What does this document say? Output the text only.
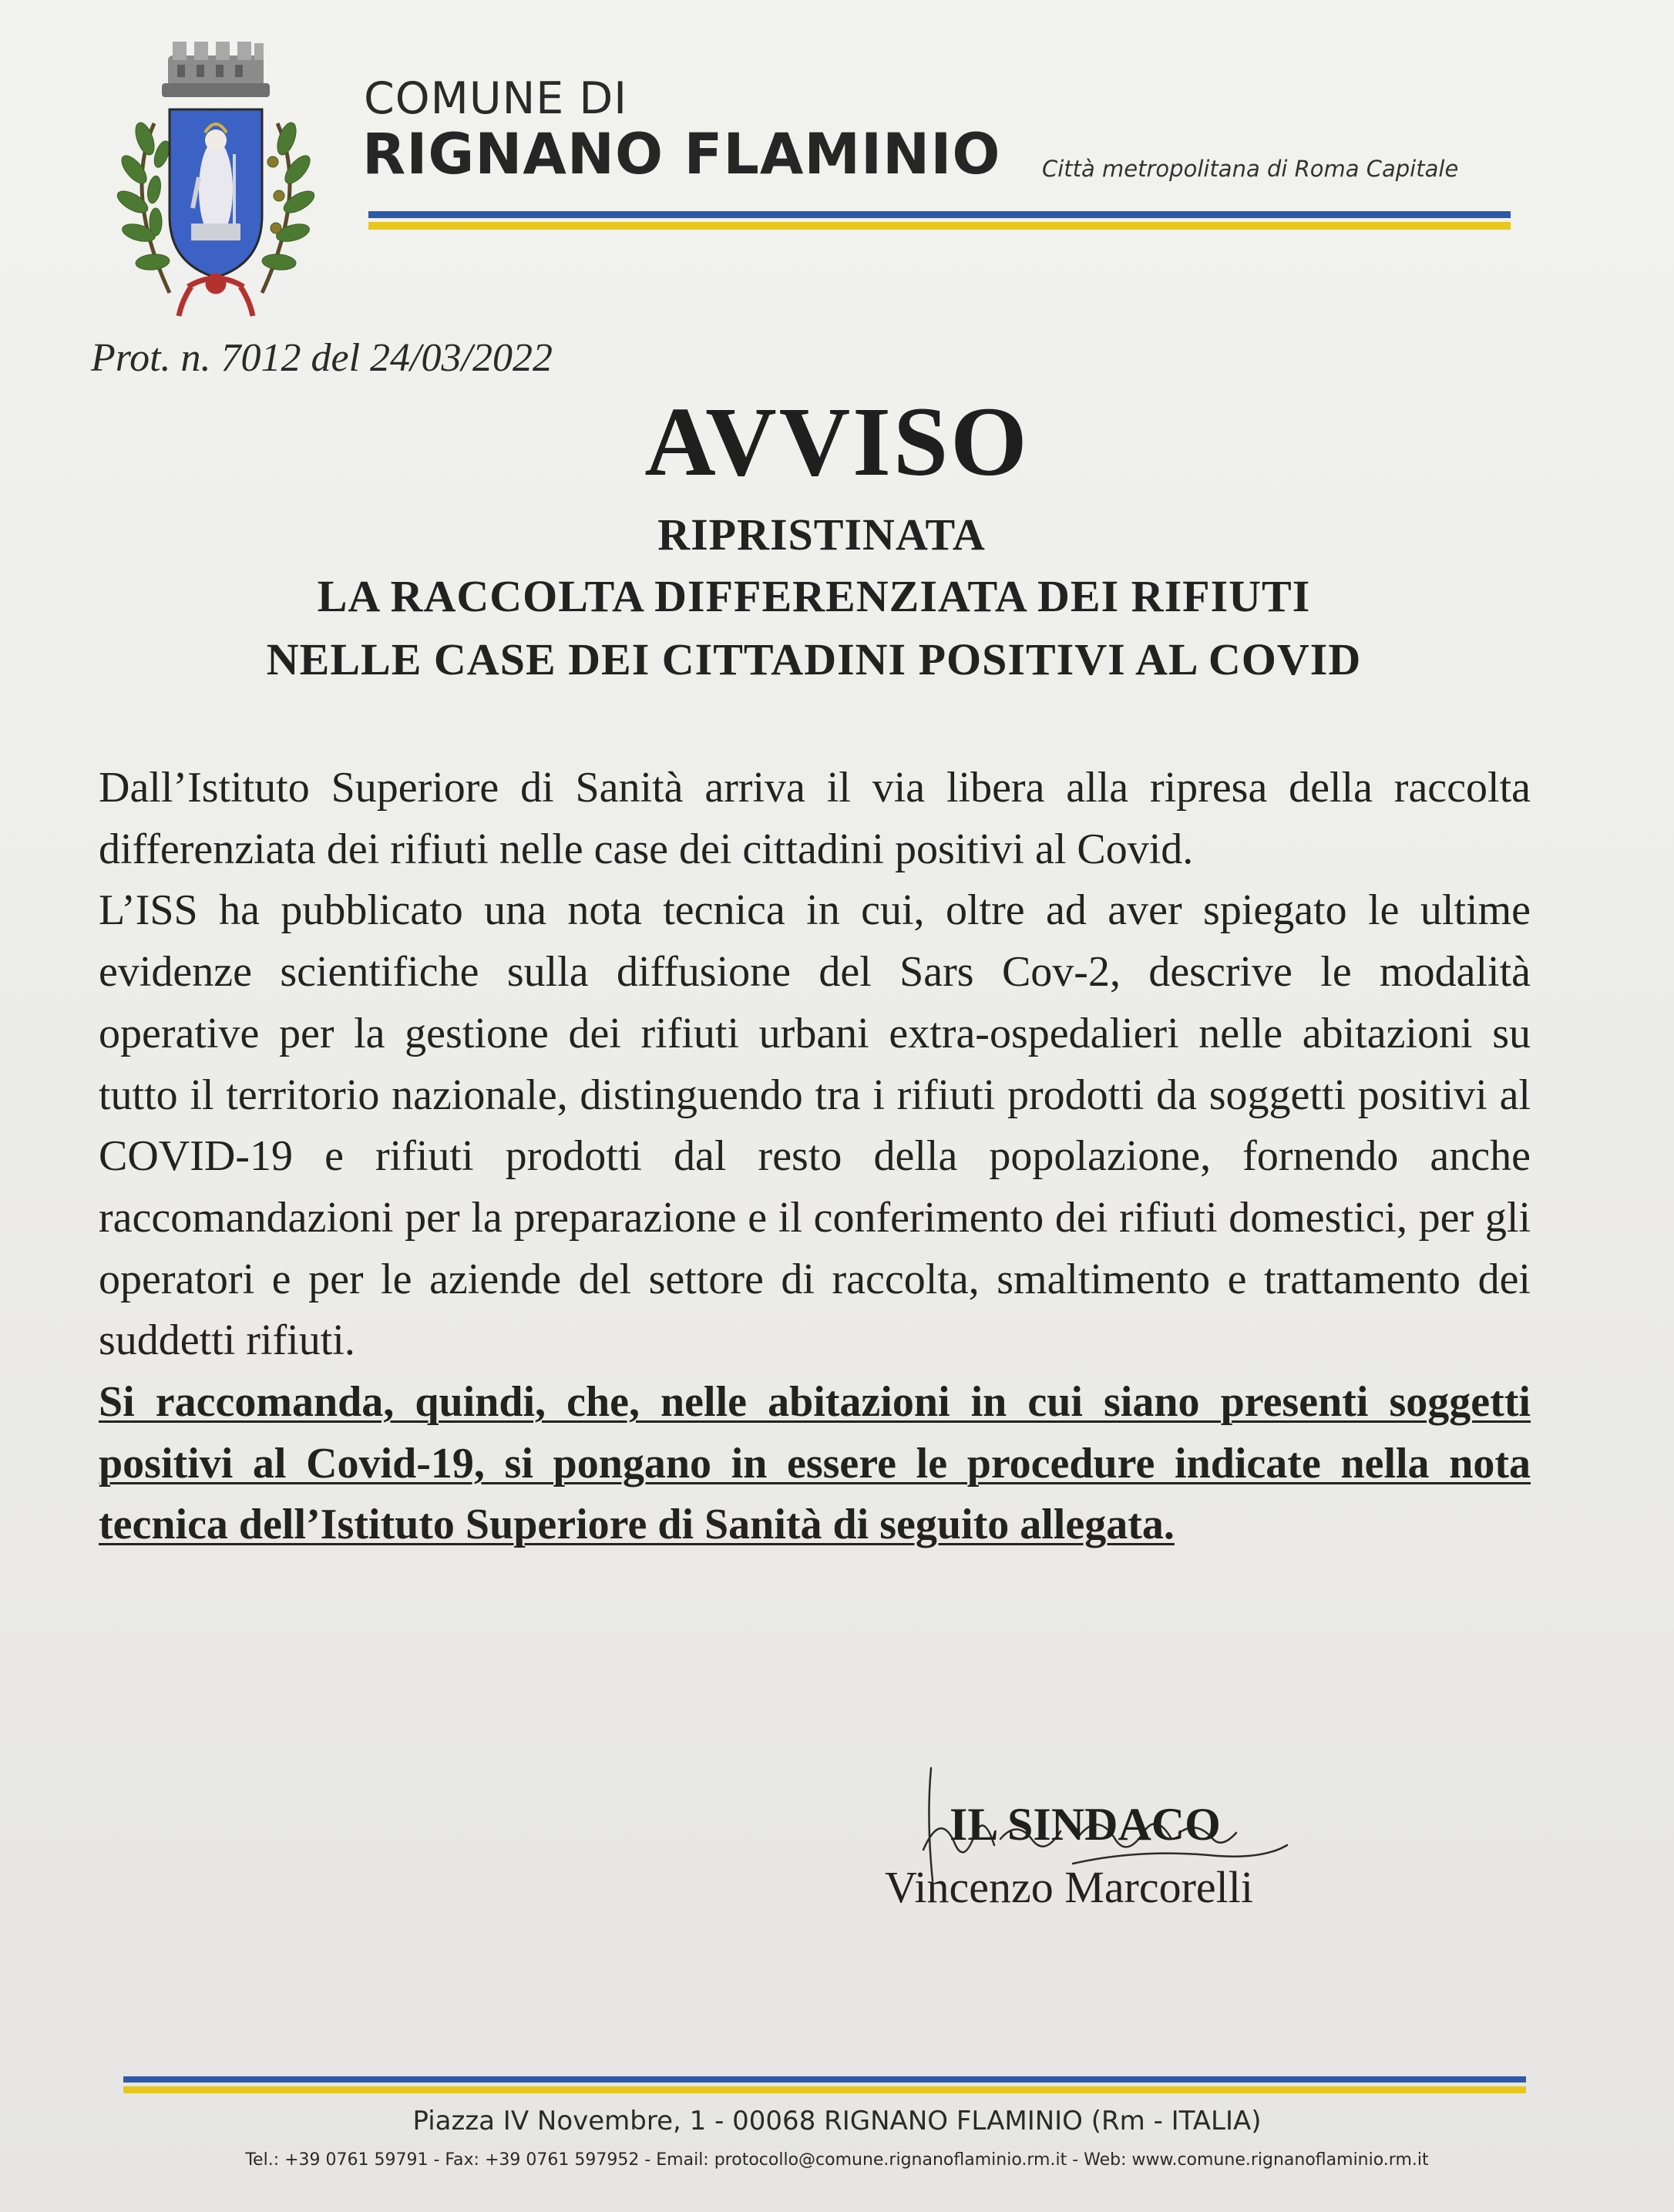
COMUNE DI
RIGNANO FLAMINIO Città metropolitana di Roma Capitale
Prot. n. 7012 del 24/03/2022
AVVISO
RIPRISTINATA
LA RACCOLTA DIFFERENZIATA DEI RIFIUTI
NELLE CASE DEI CITTADINI POSITIVI AL COVID

Dall’Istituto Superiore di Sanità arriva il via libera alla ripresa della raccolta differenziata dei rifiuti nelle case dei cittadini positivi al Covid.

L’ISS ha pubblicato una nota tecnica in cui, oltre ad aver spiegato le ultime evidenze scientifiche sulla diffusione del Sars Cov-2, descrive le modalità operative per la gestione dei rifiuti urbani extra-ospedalieri nelle abitazioni su tutto il territorio nazionale, distinguendo tra i rifiuti prodotti da soggetti positivi al COVID-19 e rifiuti prodotti dal resto della popolazione, fornendo anche raccomandazioni per la preparazione e il conferimento dei rifiuti domestici, per gli operatori e per le aziende del settore di raccolta, smaltimento e trattamento dei suddetti rifiuti.

Si raccomanda, quindi, che, nelle abitazioni in cui siano presenti soggetti positivi al Covid-19, si pongano in essere le procedure indicate nella nota tecnica dell’Istituto Superiore di Sanità di seguito allegata.

IL SINDACO
Vincenzo Marcorelli
Piazza IV Novembre, 1 - 00068 RIGNANO FLAMINIO (Rm - ITALIA)
Tel.: +39 0761 59791 - Fax: +39 0761 597952 - Email: protocollo@comune.rignanoflaminio.rm.it - Web: www.comune.rignanoflaminio.rm.it
